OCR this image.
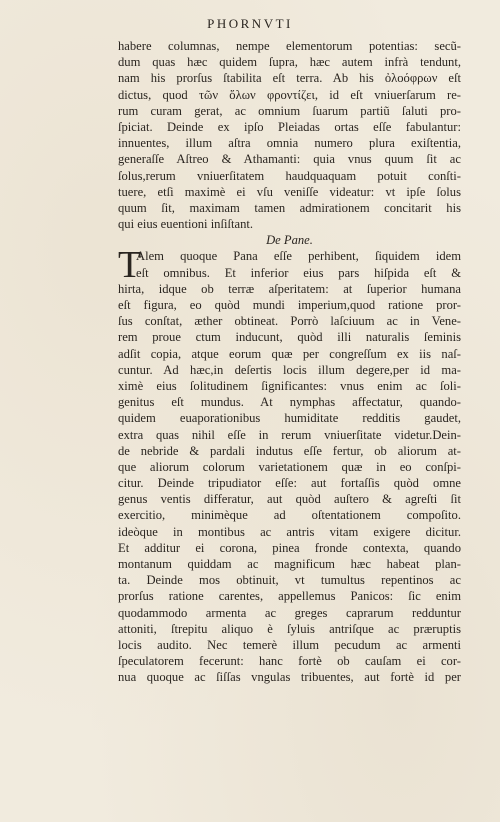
PHORNVTI
habere columnas, nempe elementorum potentias: secũ-
dum quas hæc quidem ſupra, hæc autem infrà tendunt,
nam his prorſus ſtabilita eſt terra. Ab his ὀλοόφρων eſt
dictus, quod τῶν ὅλων φροντίζει, id eſt vniuerſarum re-
rum curam gerat, ac omnium ſuarum partiũ ſaluti pro-
ſpiciat. Deinde ex ipſo Pleiadas ortas eſſe fabulantur:
innuentes, illum aſtra omnia numero plura exiſtentia,
generaſſe Aſtreo & Athamanti: quia vnus quum ſit ac
ſolus,rerum vniuerſitatem haudquaquam potuit conſti-
tuere, etſi maximè ei vſu veniſſe videatur: vt ipſe ſolus
quum ſit, maximam tamen admirationem concitarit his
qui eius euentioni inſiſtant.
De Pane.
T
Alem quoque Pana eſſe perhibent, ſiquidem idem
eſt omnibus. Et inferior eius pars hiſpida eſt &
hirta, idque ob terræ aſperitatem: at ſuperior humana
eſt figura, eo quòd mundi imperium,quod ratione pror-
ſus conſtat, æther obtineat. Porrò laſciuum ac in Vene-
rem proue ctum inducunt, quòd illi naturalis ſeminis
adſit copia, atque eorum quæ per congreſſum ex iis naſ-
cuntur. Ad hæc,in deſertis locis illum degere,per id ma-
ximè eius ſolitudinem ſignificantes: vnus enim ac ſoli-
genitus eſt mundus. At nymphas affectatur, quando-
quidem euaporationibus humiditate redditis gaudet,
extra quas nihil eſſe in rerum vniuerſitate videtur.Dein-
de nebride & pardali indutus eſſe fertur, ob aliorum at-
que aliorum colorum varietationem quæ in eo conſpi-
citur. Deinde tripudiator eſſe: aut fortaſſis quòd omne
genus ventis differatur, aut quòd auſtero & agreſti ſit
exercitio, minimèque ad oſtentationem compoſito.
ideòque in montibus ac antris vitam exigere dicitur.
Et additur ei corona, pinea fronde contexta, quando
montanum quiddam ac magnificum hæc habeat plan-
ta. Deinde mos obtinuit, vt tumultus repentinos ac
prorſus ratione carentes, appellemus Panicos: ſic enim
quodammodo armenta ac greges caprarum redduntur
attoniti, ſtrepitu aliquo è ſyluis antriſque ac præruptis
locis audito. Nec temerè illum pecudum ac armenti
ſpeculatorem fecerunt: hanc fortè ob cauſam ei cor-
nua quoque ac ſiſſas vngulas tribuentes, aut fortè id per
